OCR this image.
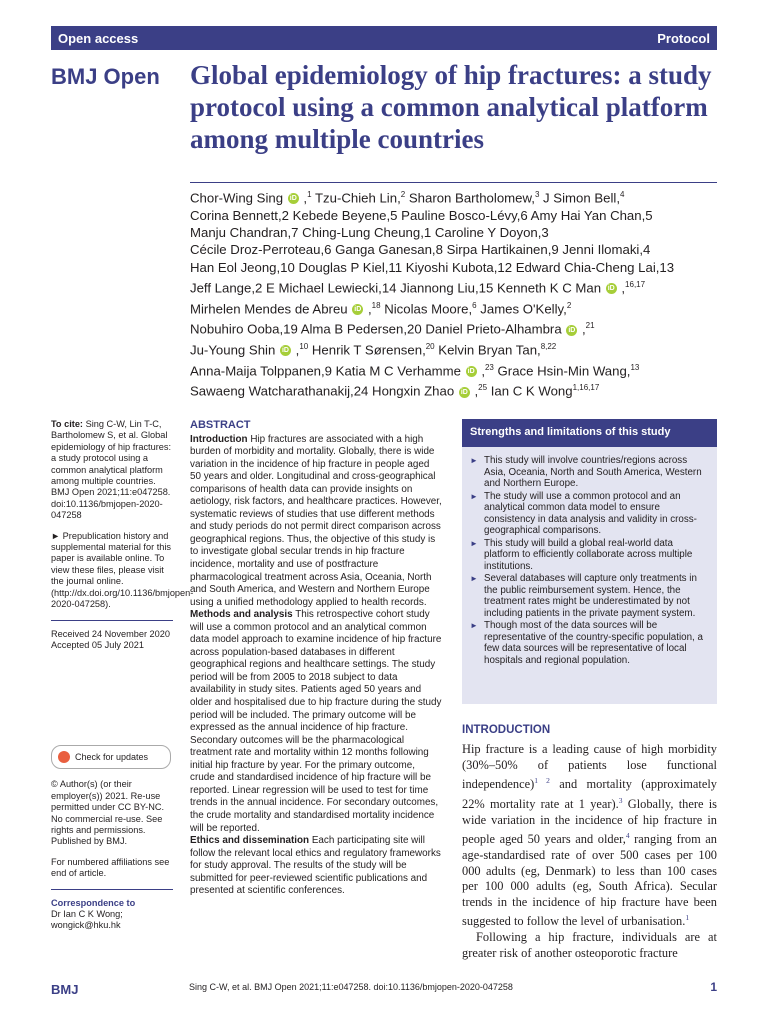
Open access	Protocol
BMJ Open Global epidemiology of hip fractures: a study protocol using a common analytical platform among multiple countries
Chor-Wing Sing iD ,$^1$ Tzu-Chieh Lin,$^2$ Sharon Bartholomew,$^3$ J Simon Bell,$^4$
Corina Bennett,2 Kebede Beyene,5 Pauline Bosco-Lévy,6 Amy Hai Yan Chan,5
Manju Chandran,7 Ching-Lung Cheung,1 Caroline Y Doyon,3
Cécile Droz-Perroteau,6 Ganga Ganesan,8 Sirpa Hartikainen,9 Jenni Ilomaki,4
Han Eol Jeong,10 Douglas P Kiel,11 Kiyoshi Kubota,12 Edward Chia-Cheng Lai,13
Jeff Lange,2 E Michael Lewiecki,14 Jiannong Liu,15 Kenneth K C Man iD ,$^{16,17}$
Mirhelen Mendes de Abreu iD ,$^{18}$ Nicolas Moore,$^6$ James O'Kelly,$^2$
Nobuhiro Ooba,19 Alma B Pedersen,20 Daniel Prieto-Alhambra iD ,$^{21}$
Ju-Young Shin iD ,$^{10}$ Henrik T Sørensen,$^{20}$ Kelvin Bryan Tan,$^{8,22}$
Anna-Maija Tolppanen,9 Katia M C Verhamme iD ,$^{23}$ Grace Hsin-Min Wang,$^{13}$
Sawaeng Watcharathanakij,24 Hongxin Zhao iD ,$^{25}$ Ian C K Wong$^{1,16,17}$

To cite: Sing C-W, Lin T-C, Bartholomew S, et al. Global epidemiology of hip fractures: a study protocol using a common analytical platform among multiple countries. BMJ Open 2021;11:e047258. doi:10.1136/bmjopen-2020-047258

► Prepublication history and supplemental material for this paper is available online. To view these files, please visit the journal online. (http://dx.doi.org/10.1136/bmjopen-2020-047258).

Received 24 November 2020
Accepted 05 July 2021
Check for updates

© Author(s) (or their employer(s)) 2021. Re-use permitted under CC BY-NC. No commercial re-use. See rights and permissions. Published by BMJ.

For numbered affiliations see end of article.

Correspondence to
Dr Ian C K Wong;
wongick@hku.hk
ABSTRACT
Introduction Hip fractures are associated with a high burden of morbidity and mortality. Globally, there is wide variation in the incidence of hip fracture in people aged 50 years and older. Longitudinal and cross-geographical comparisons of health data can provide insights on aetiology, risk factors, and healthcare practices. However, systematic reviews of studies that use different methods and study periods do not permit direct comparison across geographical regions. Thus, the objective of this study is to investigate global secular trends in hip fracture incidence, mortality and use of postfracture pharmacological treatment across Asia, Oceania, North and South America, and Western and Northern Europe using a unified methodology applied to health records.
Methods and analysis This retrospective cohort study will use a common protocol and an analytical common data model approach to examine incidence of hip fracture across population-based databases in different geographical regions and healthcare settings. The study period will be from 2005 to 2018 subject to data availability in study sites. Patients aged 50 years and older and hospitalised due to hip fracture during the study period will be included. The primary outcome will be expressed as the annual incidence of hip fracture. Secondary outcomes will be the pharmacological treatment rate and mortality within 12 months following initial hip fracture by year. For the primary outcome, crude and standardised incidence of hip fracture will be reported. Linear regression will be used to test for time trends in the annual incidence. For secondary outcomes, the crude mortality and standardised mortality incidence will be reported.
Ethics and dissemination Each participating site will follow the relevant local ethics and regulatory frameworks for study approval. The results of the study will be submitted for peer-reviewed scientific publications and presented at scientific conferences.
Strengths and limitations of this study
► This study will involve countries/regions across Asia, Oceania, North and South America, Western and Northern Europe.
► The study will use a common protocol and an analytical common data model to ensure consistency in data analysis and validity in cross-geographical comparisons.
► This study will build a global real-world data platform to efficiently collaborate across multiple institutions.
► Several databases will capture only treatments in the public reimbursement system. Hence, the treatment rates might be underestimated by not including patients in the private payment system.
► Though most of the data sources will be representative of the country-specific population, a few data sources will be representative of local hospitals and regional population.
INTRODUCTION

Hip fracture is a leading cause of high morbidity (30%–50% of patients lose functional independence)$^{1 2}$ and mortality (approximately 22% mortality rate at 1 year).$^3$ Globally, there is wide variation in the incidence of hip fracture in people aged 50 years and older,$^4$ ranging from an age-standardised rate of over 500 cases per 100 000 adults (eg, Denmark) to less than 100 cases per 100 000 adults (eg, South Africa). Secular trends in the incidence of hip fracture have been suggested to follow the level of urbanisation.$^1$

Following a hip fracture, individuals are at greater risk of another osteoporotic fracture

BMJ	Sing C-W, et al. BMJ Open 2021;11:e047258. doi:10.1136/bmjopen-2020-047258	1
